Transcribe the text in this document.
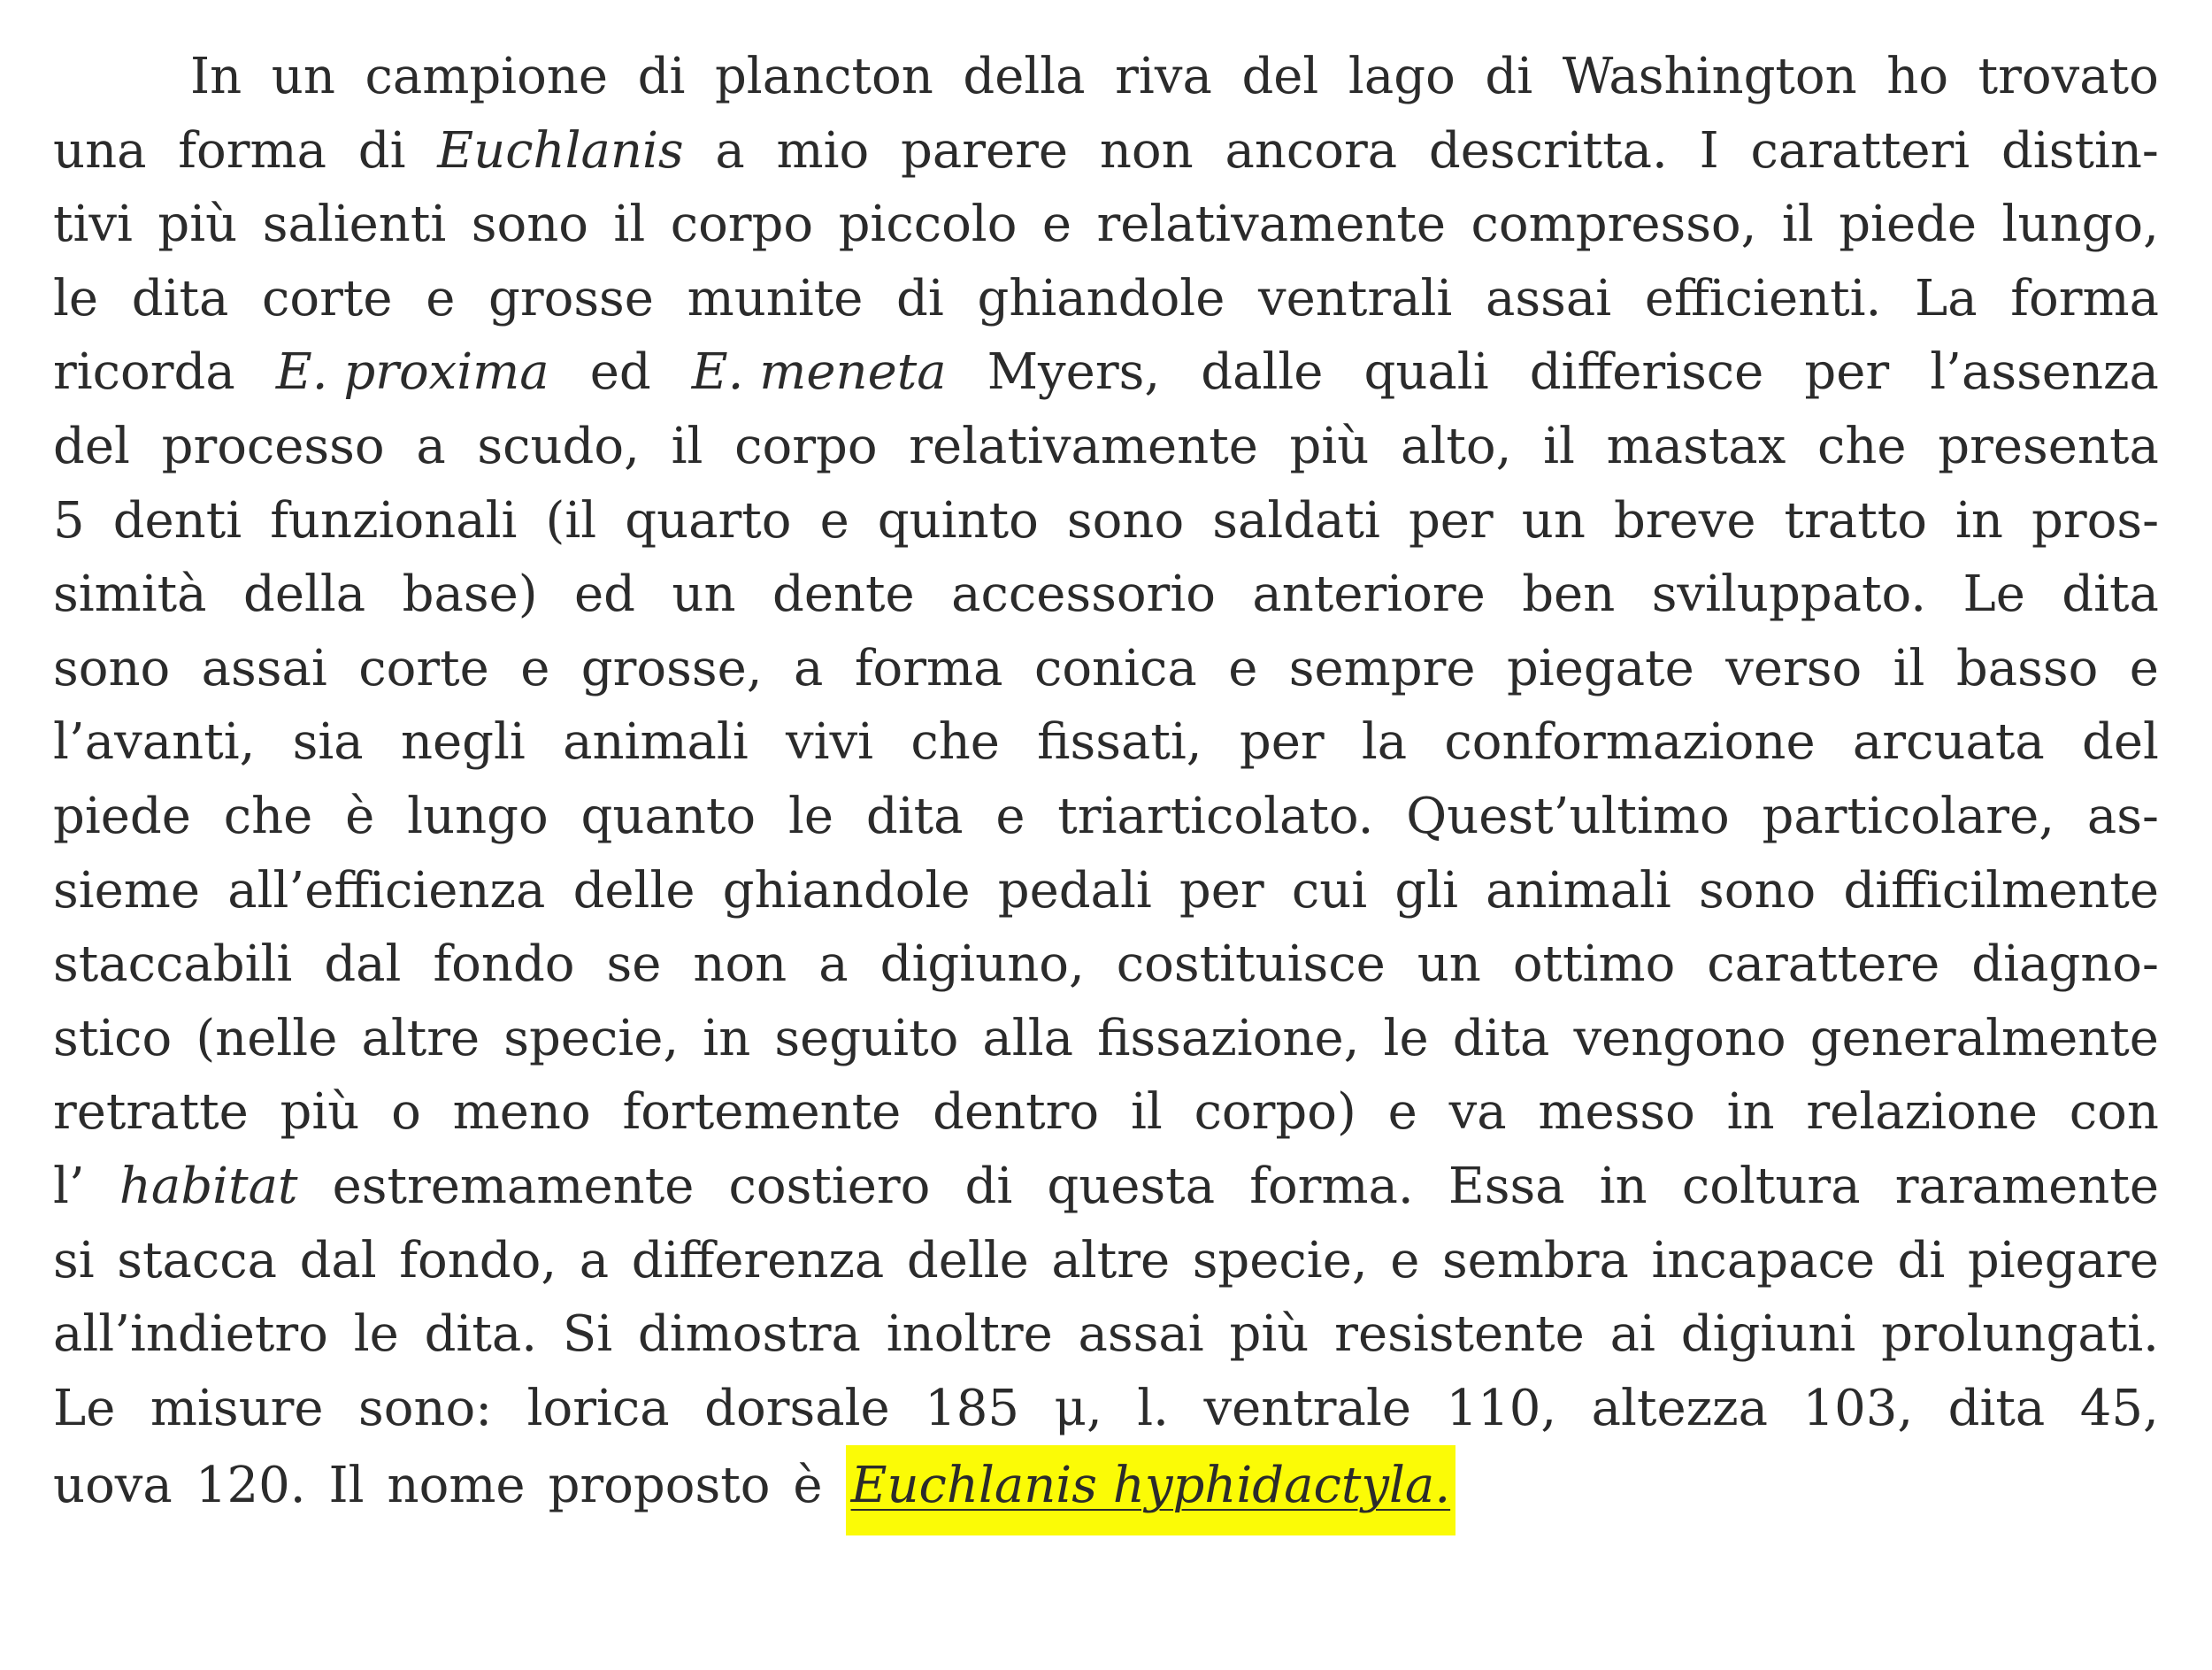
In un campione di plancton della riva del lago di Washington ho trovato
una forma di Euchlanis a mio parere non ancora descritta. I caratteri distin-
tivi più salienti sono il corpo piccolo e relativamente compresso, il piede lungo,
le dita corte e grosse munite di ghiandole ventrali assai efficienti. La forma
ricorda E. proxima ed E. meneta Myers, dalle quali differisce per l’assenza
del processo a scudo, il corpo relativamente più alto, il mastax che presenta
5 denti funzionali (il quarto e quinto sono saldati per un breve tratto in pros-
simità della base) ed un dente accessorio anteriore ben sviluppato. Le dita
sono assai corte e grosse, a forma conica e sempre piegate verso il basso e
l’avanti, sia negli animali vivi che fissati, per la conformazione arcuata del
piede che è lungo quanto le dita e triarticolato. Quest’ultimo particolare, as-
sieme all’efficienza delle ghiandole pedali per cui gli animali sono difficilmente
staccabili dal fondo se non a digiuno, costituisce un ottimo carattere diagno-
stico (nelle altre specie, in seguito alla fissazione, le dita vengono generalmente
retratte più o meno fortemente dentro il corpo) e va messo in relazione con
l’ habitat estremamente costiero di questa forma. Essa in coltura raramente
si stacca dal fondo, a differenza delle altre specie, e sembra incapace di piegare
all’indietro le dita. Si dimostra inoltre assai più resistente ai digiuni prolungati.
Le misure sono: lorica dorsale 185 μ, l. ventrale 110, altezza 103, dita 45,
uova 120. Il nome proposto è Euchlanis hyphidactyla.
